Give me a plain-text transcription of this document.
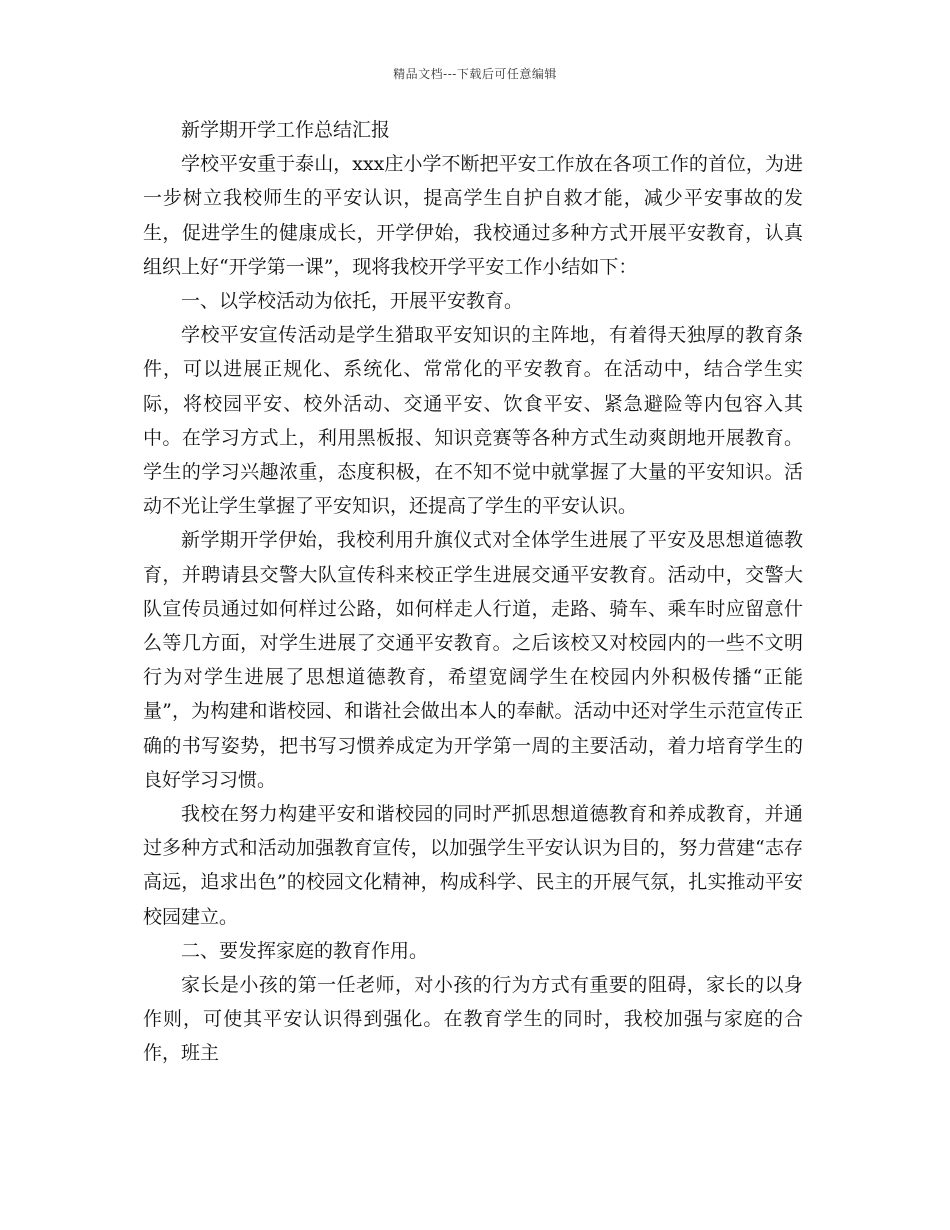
精品文档---下载后可任意编辑

新学期开学工作总结汇报

学校平安重于泰山，xxx庄小学不断把平安工作放在各项工作的首位，为进一步树立我校师生的平安认识，提高学生自护自救才能，减少平安事故的发生，促进学生的健康成长，开学伊始，我校通过多种方式开展平安教育，认真组织上好“开学第一课”，现将我校开学平安工作小结如下：

一、以学校活动为依托，开展平安教育。

学校平安宣传活动是学生猎取平安知识的主阵地，有着得天独厚的教育条件，可以进展正规化、系统化、常常化的平安教育。在活动中，结合学生实际，将校园平安、校外活动、交通平安、饮食平安、紧急避险等内包容入其中。在学习方式上，利用黑板报、知识竞赛等各种方式生动爽朗地开展教育。学生的学习兴趣浓重，态度积极，在不知不觉中就掌握了大量的平安知识。活动不光让学生掌握了平安知识，还提高了学生的平安认识。

新学期开学伊始，我校利用升旗仪式对全体学生进展了平安及思想道德教育，并聘请县交警大队宣传科来校正学生进展交通平安教育。活动中，交警大队宣传员通过如何样过公路，如何样走人行道，走路、骑车、乘车时应留意什么等几方面，对学生进展了交通平安教育。之后该校又对校园内的一些不文明行为对学生进展了思想道德教育，希望宽阔学生在校园内外积极传播“正能量”，为构建和谐校园、和谐社会做出本人的奉献。活动中还对学生示范宣传正确的书写姿势，把书写习惯养成定为开学第一周的主要活动，着力培育学生的良好学习习惯。

我校在努力构建平安和谐校园的同时严抓思想道德教育和养成教育，并通过多种方式和活动加强教育宣传，以加强学生平安认识为目的，努力营建“志存高远，追求出色”的校园文化精神，构成科学、民主的开展气氛，扎实推动平安校园建立。

二、要发挥家庭的教育作用。

家长是小孩的第一任老师，对小孩的行为方式有重要的阻碍，家长的以身作则，可使其平安认识得到强化。在教育学生的同时，我校加强与家庭的合作，班主
